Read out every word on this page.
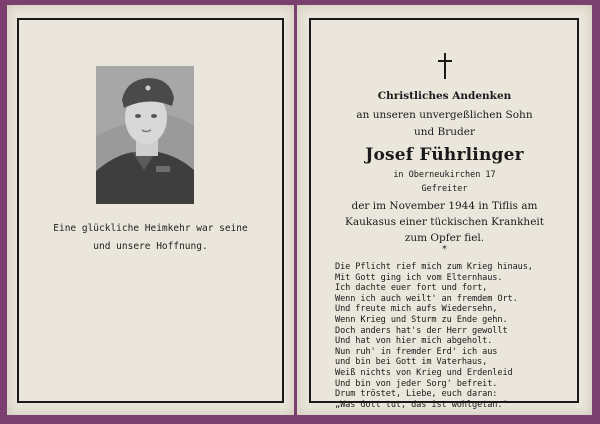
Eine glückliche Heimkehr war seine
und unsere Hoffnung.
Christliches Andenken
an unseren unvergeßlichen Sohn
und Bruder
Josef Führlinger
in Oberneukirchen 17
Gefreiter
der im November 1944 in Tiflis am
Kaukasus einer tückischen Krankheit
zum Opfer fiel.
*
Die Pflicht rief mich zum Krieg hinaus,
Mit Gott ging ich vom Elternhaus.
Ich dachte euer fort und fort,
Wenn ich auch weilt' an fremdem Ort.
Und freute mich aufs Wiedersehn,
Wenn Krieg und Sturm zu Ende gehn.
Doch anders hat's der Herr gewollt
Und hat von hier mich abgeholt.
Nun ruh' in fremder Erd' ich aus
und bin bei Gott im Vaterhaus,
Weiß nichts von Krieg und Erdenleid
Und bin von jeder Sorg' befreit.
Drum tröstet, Liebe, euch daran:
„Was Gott tut, das ist wohlgetan."
